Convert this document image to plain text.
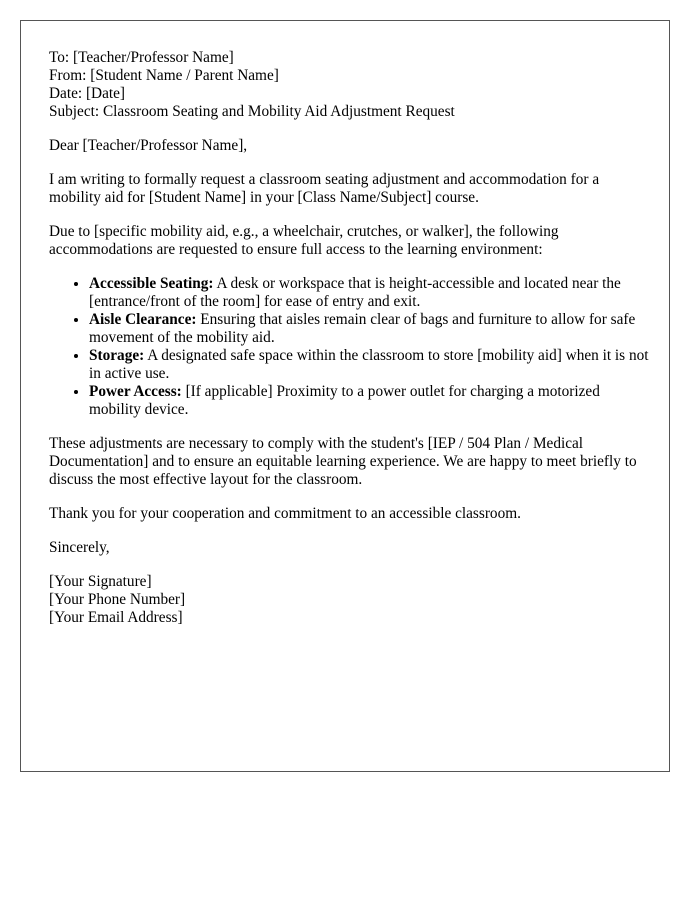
To: [Teacher/Professor Name]
From: [Student Name / Parent Name]
Date: [Date]
Subject: Classroom Seating and Mobility Aid Adjustment Request

Dear [Teacher/Professor Name],

I am writing to formally request a classroom seating adjustment and accommodation for a mobility aid for [Student Name] in your [Class Name/Subject] course.

Due to [specific mobility aid, e.g., a wheelchair, crutches, or walker], the following accommodations are requested to ensure full access to the learning environment:

• Accessible Seating: A desk or workspace that is height-accessible and located near the [entrance/front of the room] for ease of entry and exit.
• Aisle Clearance: Ensuring that aisles remain clear of bags and furniture to allow for safe movement of the mobility aid.
• Storage: A designated safe space within the classroom to store [mobility aid] when it is not in active use.
• Power Access: [If applicable] Proximity to a power outlet for charging a motorized mobility device.

These adjustments are necessary to comply with the student's [IEP / 504 Plan / Medical Documentation] and to ensure an equitable learning experience. We are happy to meet briefly to discuss the most effective layout for the classroom.

Thank you for your cooperation and commitment to an accessible classroom.

Sincerely,

[Your Signature]
[Your Phone Number]
[Your Email Address]
